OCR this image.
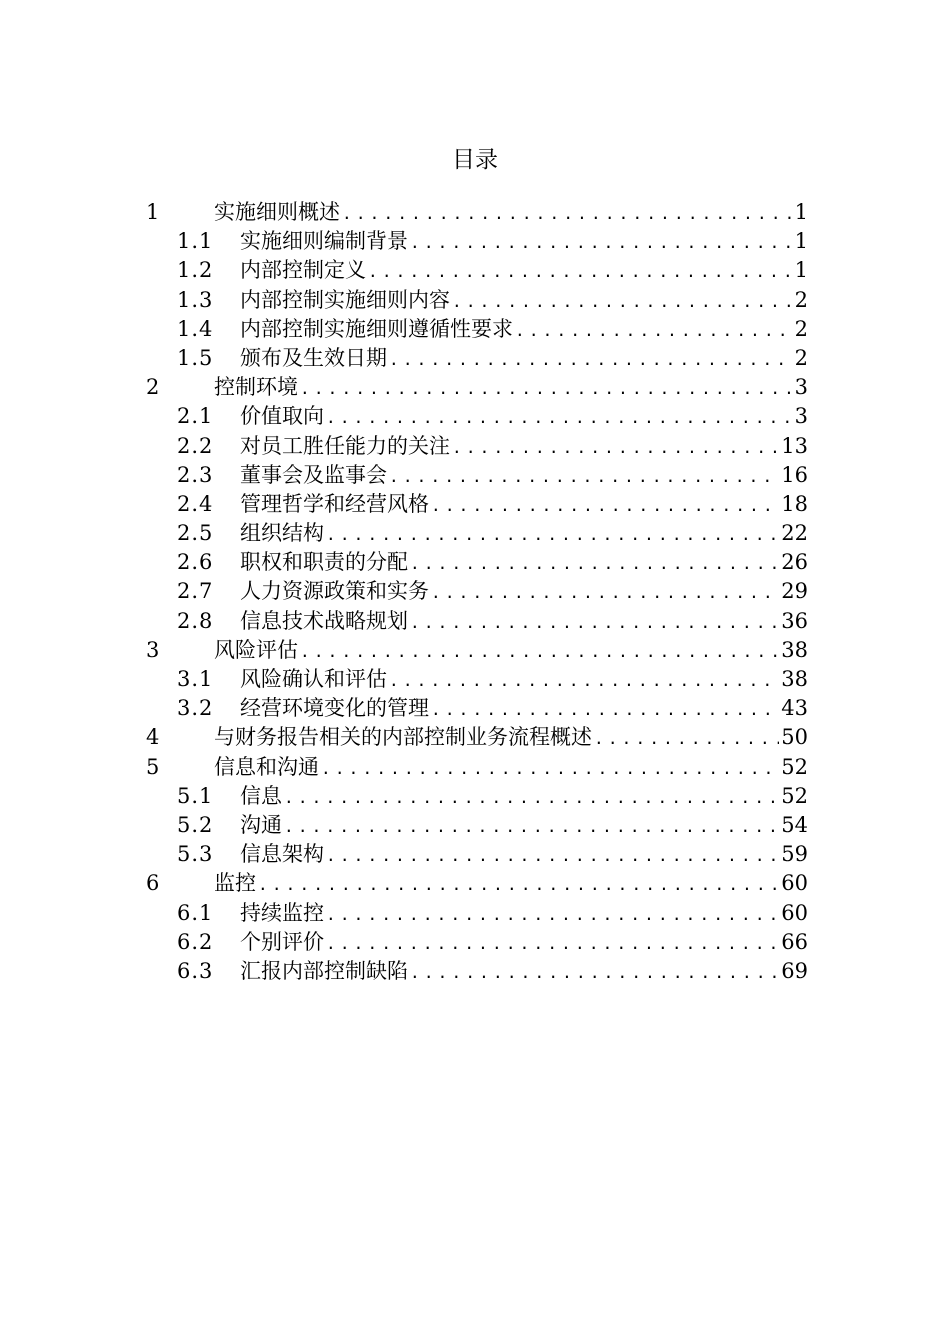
目录
1	实施细则概述 .....	1
1.1	实施细则编制背景 .....	1
1.2	内部控制定义 .....	1
1.3	内部控制实施细则内容 .....	2
1.4	内部控制实施细则遵循性要求 .....	2
1.5	颁布及生效日期 .....	2
2	控制环境 .....	3
2.1	价值取向 .....	3
2.2	对员工胜任能力的关注 .....	13
2.3	董事会及监事会 .....	16
2.4	管理哲学和经营风格 .....	18
2.5	组织结构 .....	22
2.6	职权和职责的分配 .....	26
2.7	人力资源政策和实务 .....	29
2.8	信息技术战略规划 .....	36
3	风险评估 .....	38
3.1	风险确认和评估 .....	38
3.2	经营环境变化的管理 .....	43
4	与财务报告相关的内部控制业务流程概述 .....	50
5	信息和沟通 .....	52
5.1	信息 .....	52
5.2	沟通 .....	54
5.3	信息架构 .....	59
6	监控 .....	60
6.1	持续监控 .....	60
6.2	个别评价 .....	66
6.3	汇报内部控制缺陷 .....	69
